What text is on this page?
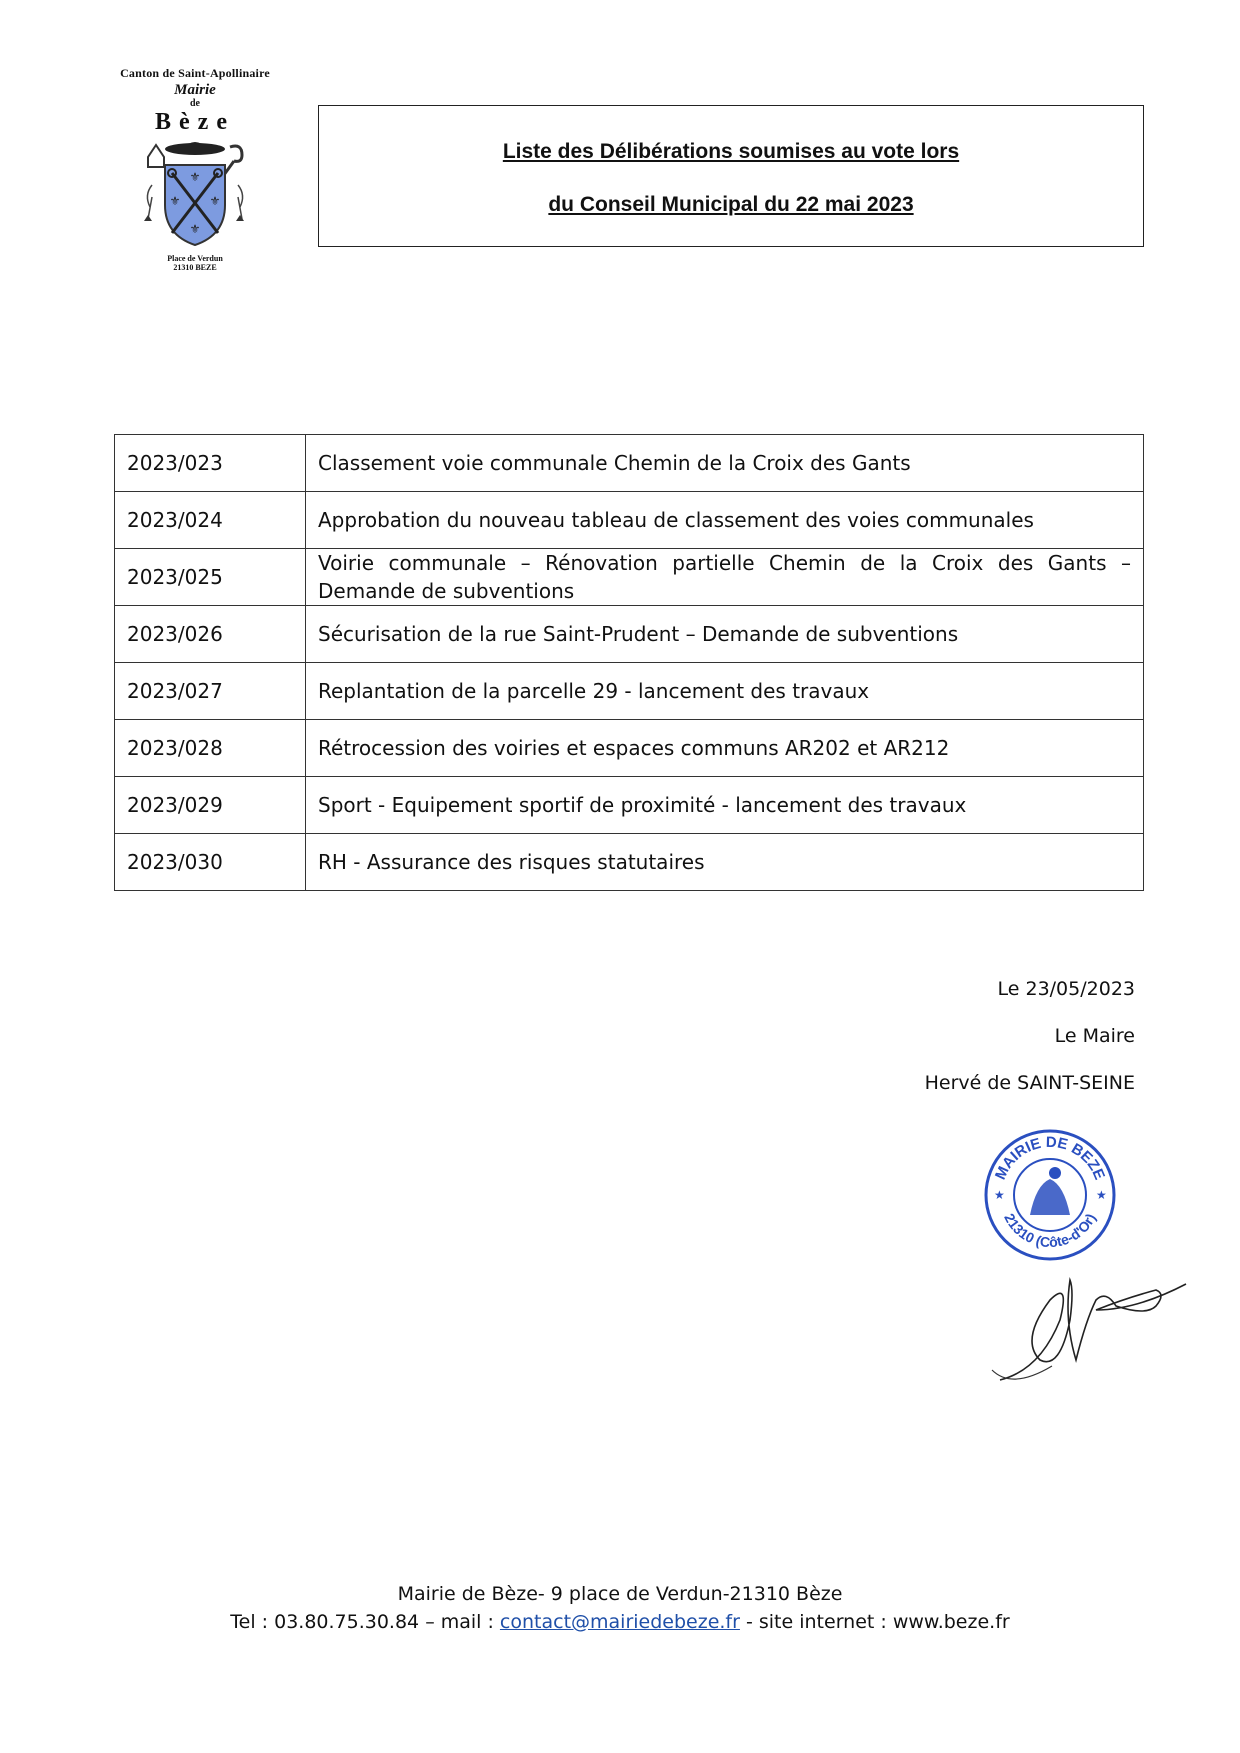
Canton de Saint-Apollinaire
Mairie
de
Bèze
⚜
⚜ ⚜
⚜
Place de Verdun
21310 BEZE
Liste des Délibérations soumises au vote lors
du Conseil Municipal du 22 mai 2023
2023/023	Classement voie communale Chemin de la Croix des Gants
2023/024	Approbation du nouveau tableau de classement des voies communales
2023/025	Voirie communale – Rénovation partielle Chemin de la Croix des Gants – Demande de subventions
2023/026	Sécurisation de la rue Saint-Prudent – Demande de subventions
2023/027	Replantation de la parcelle 29 - lancement des travaux
2023/028	Rétrocession des voiries et espaces communs AR202 et AR212
2023/029	Sport - Equipement sportif de proximité - lancement des travaux
2023/030	RH - Assurance des risques statutaires
Le 23/05/2023
Le Maire
Hervé de SAINT-SEINE
★	★
MAIRIE DE BEZE
21310 (Côte-d'Or)
Mairie de Bèze- 9 place de Verdun-21310 Bèze
Tel : 03.80.75.30.84 – mail : contact@mairiedebeze.fr - site internet : www.beze.fr
